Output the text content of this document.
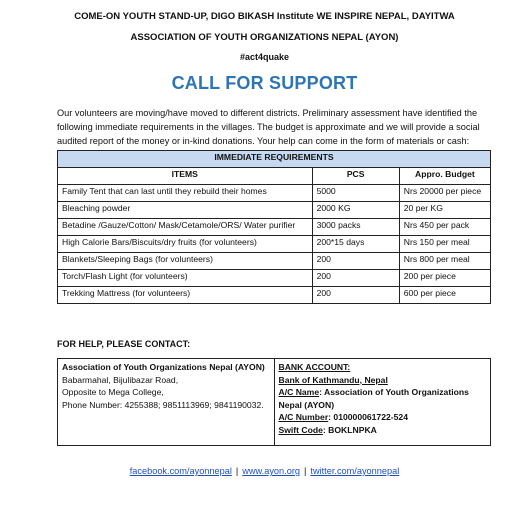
COME-ON YOUTH STAND-UP, DIGO BIKASH Institute WE INSPIRE NEPAL, DAYITWA
ASSOCIATION OF YOUTH ORGANIZATIONS NEPAL (AYON)
#act4quake
CALL FOR SUPPORT
Our volunteers are moving/have moved to different districts. Preliminary assessment have identified the following immediate requirements in the villages. The budget is approximate and we will provide a social audited report of the money or in-kind donations. Your help can come in the form of materials or cash:
IMMEDIATE REQUIREMENTS		
ITEMS	PCS	Appro. Budget
Family Tent that can last until they rebuild their homes	5000	Nrs 20000 per piece
Bleaching powder	2000 KG	20 per KG
Betadine /Gauze/Cotton/ Mask/Cetamole/ORS/ Water purifier	3000 packs	Nrs 450 per pack
High Calorie Bars/Biscuits/dry fruits (for volunteers)	200*15 days	Nrs 150 per meal
Blankets/Sleeping Bags (for volunteers)	200	Nrs 800 per meal
Torch/Flash Light (for volunteers)	200	200 per piece
Trekking Mattress (for volunteers)	200	600 per piece
FOR HELP, PLEASE CONTACT:
Association of Youth Organizations Nepal (AYON)
Babarmahal, Bijulibazar Road,
Opposite to Mega College,
Phone Number: 4255388; 9851113969; 9841190032.

BANK ACCOUNT:
Bank of Kathmandu, Nepal
A/C Name: Association of Youth Organizations Nepal (AYON)
A/C Number: 010000061722-524
Swift Code: BOKLNPKA
facebook.com/ayonnepal | www.ayon.org | twitter.com/ayonnepal
